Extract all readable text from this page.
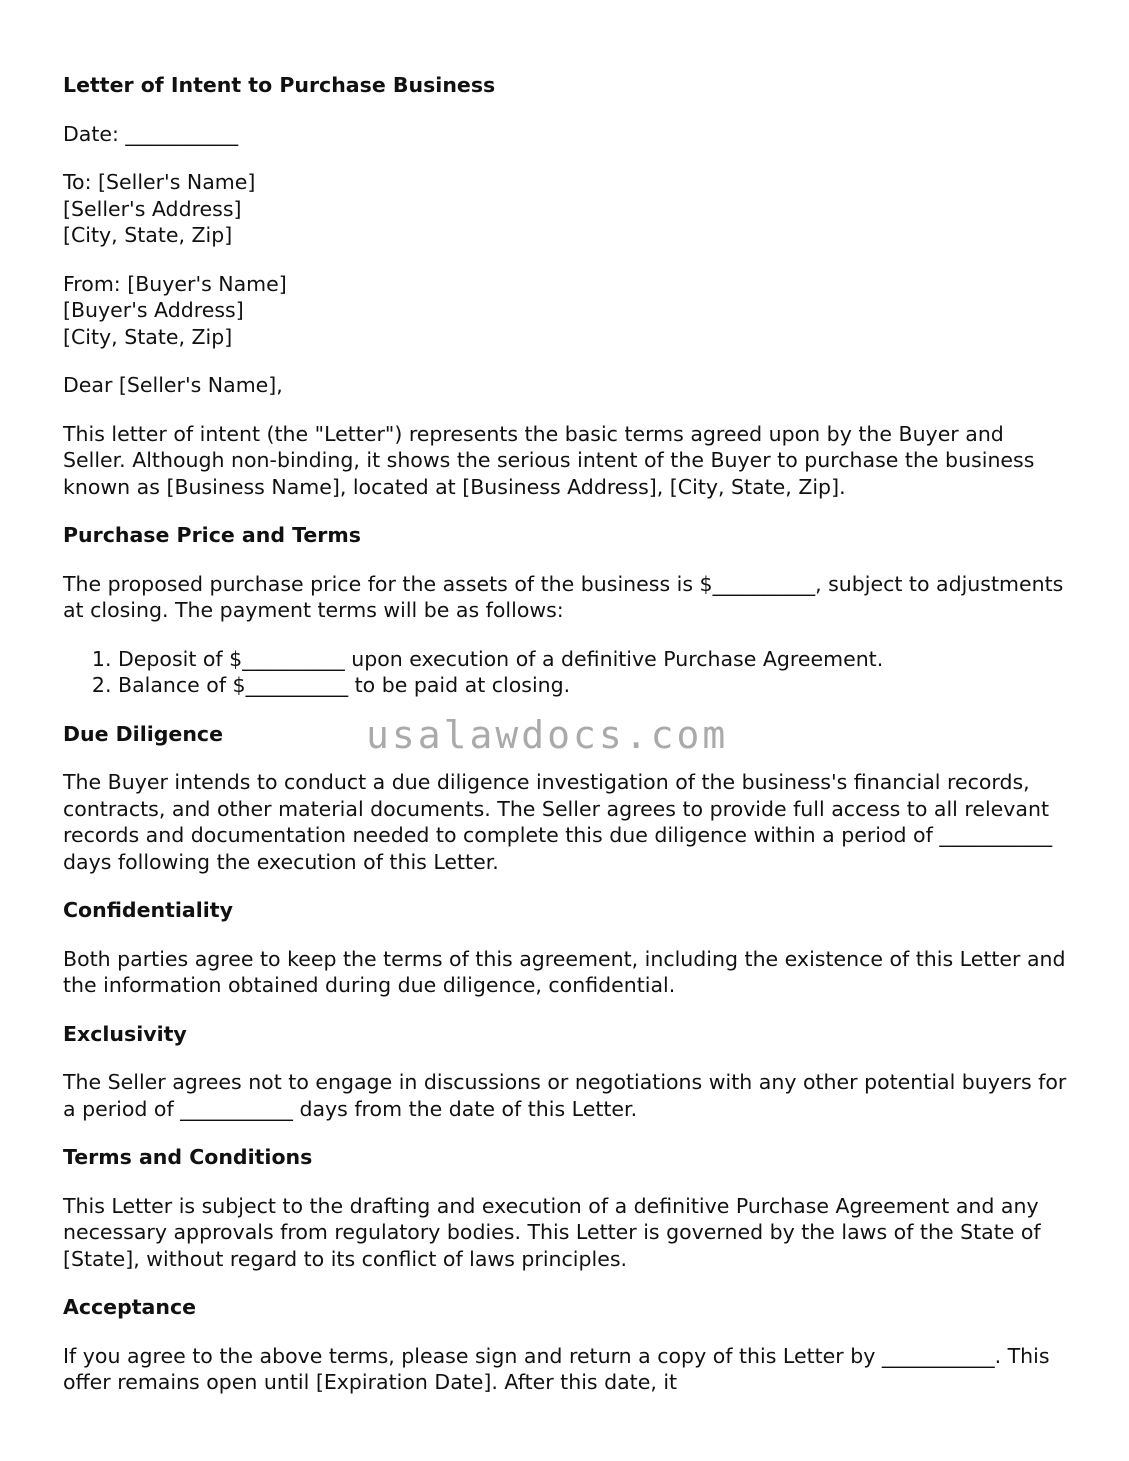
Letter of Intent to Purchase Business

Date: ___________

To: [Seller's Name]
[Seller's Address]
[City, State, Zip]

From: [Buyer's Name]
[Buyer's Address]
[City, State, Zip]

Dear [Seller's Name],

This letter of intent (the "Letter") represents the basic terms agreed upon by the Buyer and Seller. Although non-binding, it shows the serious intent of the Buyer to purchase the business known as [Business Name], located at [Business Address], [City, State, Zip].

Purchase Price and Terms

The proposed purchase price for the assets of the business is $__________, subject to adjustments at closing. The payment terms will be as follows:

1. Deposit of $__________ upon execution of a definitive Purchase Agreement.
2. Balance of $__________ to be paid at closing.
Due Diligence

The Buyer intends to conduct a due diligence investigation of the business's financial records, contracts, and other material documents. The Seller agrees to provide full access to all relevant records and documentation needed to complete this due diligence within a period of ___________ days following the execution of this Letter.

Confidentiality

Both parties agree to keep the terms of this agreement, including the existence of this Letter and the information obtained during due diligence, confidential.

Exclusivity

The Seller agrees not to engage in discussions or negotiations with any other potential buyers for a period of ___________ days from the date of this Letter.

Terms and Conditions

This Letter is subject to the drafting and execution of a definitive Purchase Agreement and any necessary approvals from regulatory bodies. This Letter is governed by the laws of the State of [State], without regard to its conflict of laws principles.

Acceptance

If you agree to the above terms, please sign and return a copy of this Letter by ___________. This offer remains open until [Expiration Date]. After this date, it

usalawdocs.com
